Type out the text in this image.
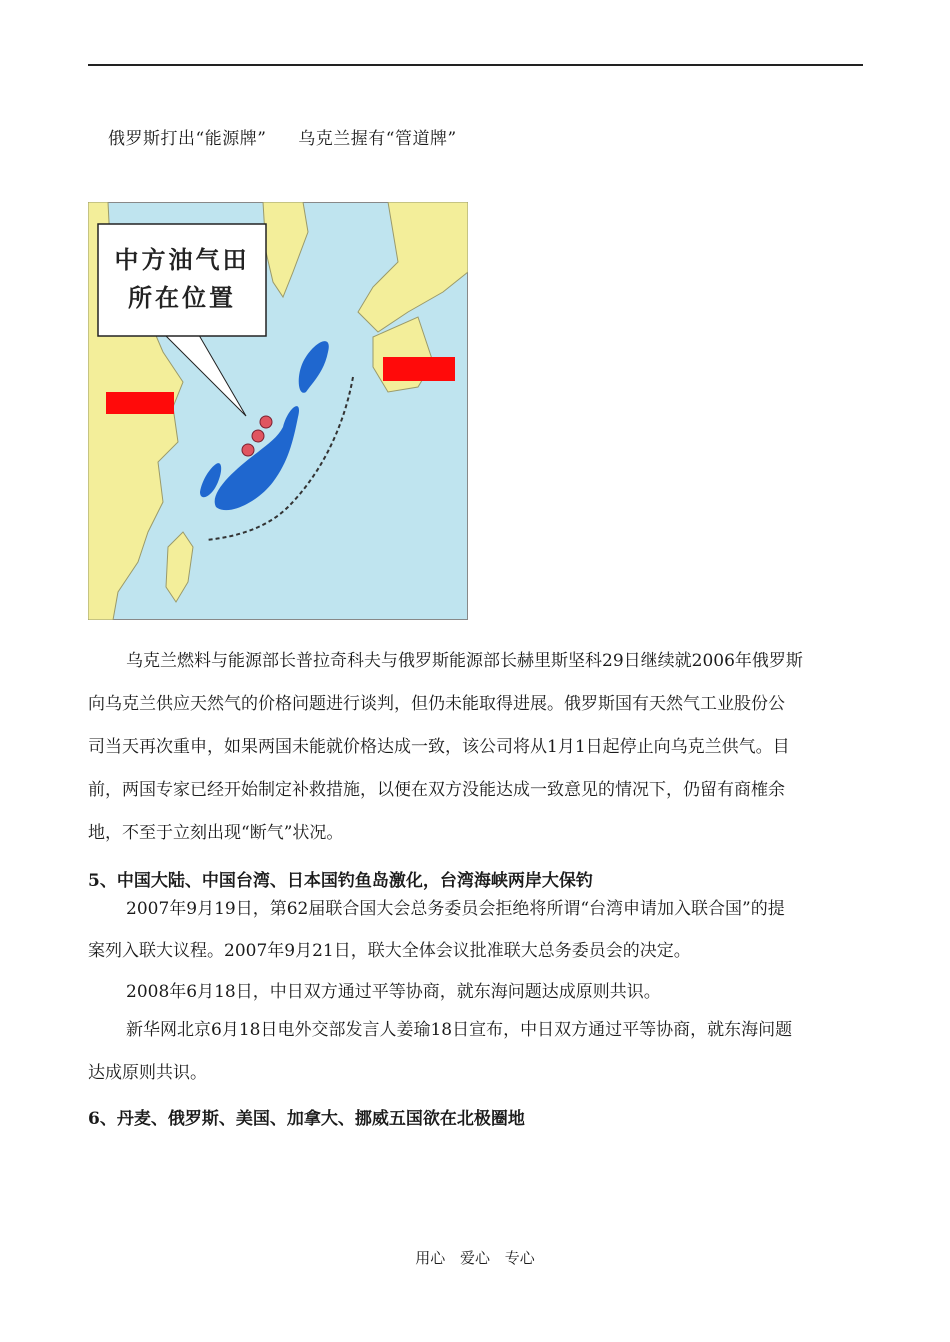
俄罗斯打出“能源牌” 乌克兰握有“管道牌”
中方油气田
所在位置
乌克兰燃料与能源部长普拉奇科夫与俄罗斯能源部长赫里斯坚科29日继续就2006年俄罗斯
向乌克兰供应天然气的价格问题进行谈判，但仍未能取得进展。俄罗斯国有天然气工业股份公
司当天再次重申，如果两国未能就价格达成一致，该公司将从1月1日起停止向乌克兰供气。目
前，两国专家已经开始制定补救措施，以便在双方没能达成一致意见的情况下，仍留有商榷余
地，不至于立刻出现“断气”状况。
5、中国大陆、中国台湾、日本国钓鱼岛激化，台湾海峡两岸大保钓
2007年9月19日，第62届联合国大会总务委员会拒绝将所谓“台湾申请加入联合国”的提
案列入联大议程。2007年9月21日，联大全体会议批准联大总务委员会的决定。
2008年6月18日，中日双方通过平等协商，就东海问题达成原则共识。
新华网北京6月18日电外交部发言人姜瑜18日宣布，中日双方通过平等协商，就东海问题
达成原则共识。
6、丹麦、俄罗斯、美国、加拿大、挪威五国欲在北极圈地
用心 爱心 专心
